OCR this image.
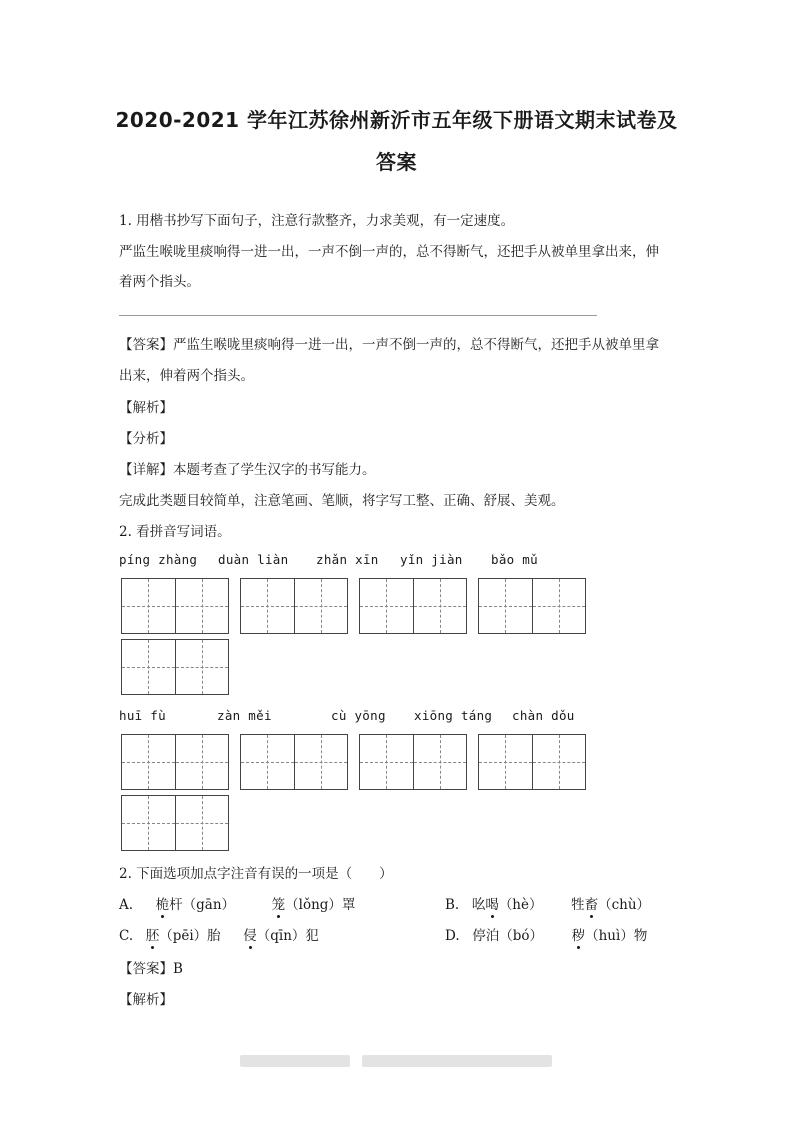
2020-2021 学年江苏徐州新沂市五年级下册语文期末试卷及
答案
1. 用楷书抄写下面句子，注意行款整齐，力求美观，有一定速度。
严监生喉咙里痰响得一进一出，一声不倒一声的，总不得断气，还把手从被单里拿出来，伸
着两个指头。
【答案】严监生喉咙里痰响得一进一出，一声不倒一声的，总不得断气，还把手从被单里拿
出来，伸着两个指头。
【解析】
【分析】
【详解】本题考查了学生汉字的书写能力。
完成此类题目较简单，注意笔画、笔顺，将字写工整、正确、舒展、美观。
2. 看拼音写词语。
píng zhàng duàn liàn zhǎn xīn yǐn jiàn bǎo mǔ
huī fù	zàn měi	cù yōng xiōng táng chàn dǒu
2. 下面选项加点字注音有误的一项是（　　）
A. 桅杆（gān）	笼（lǒng）罩	B. 吆喝（hè） 牲畜（chù）
C. 胚（pēi）胎 侵（qīn）犯	D. 停泊（bó） 秽（huì）物
【答案】B
【解析】
